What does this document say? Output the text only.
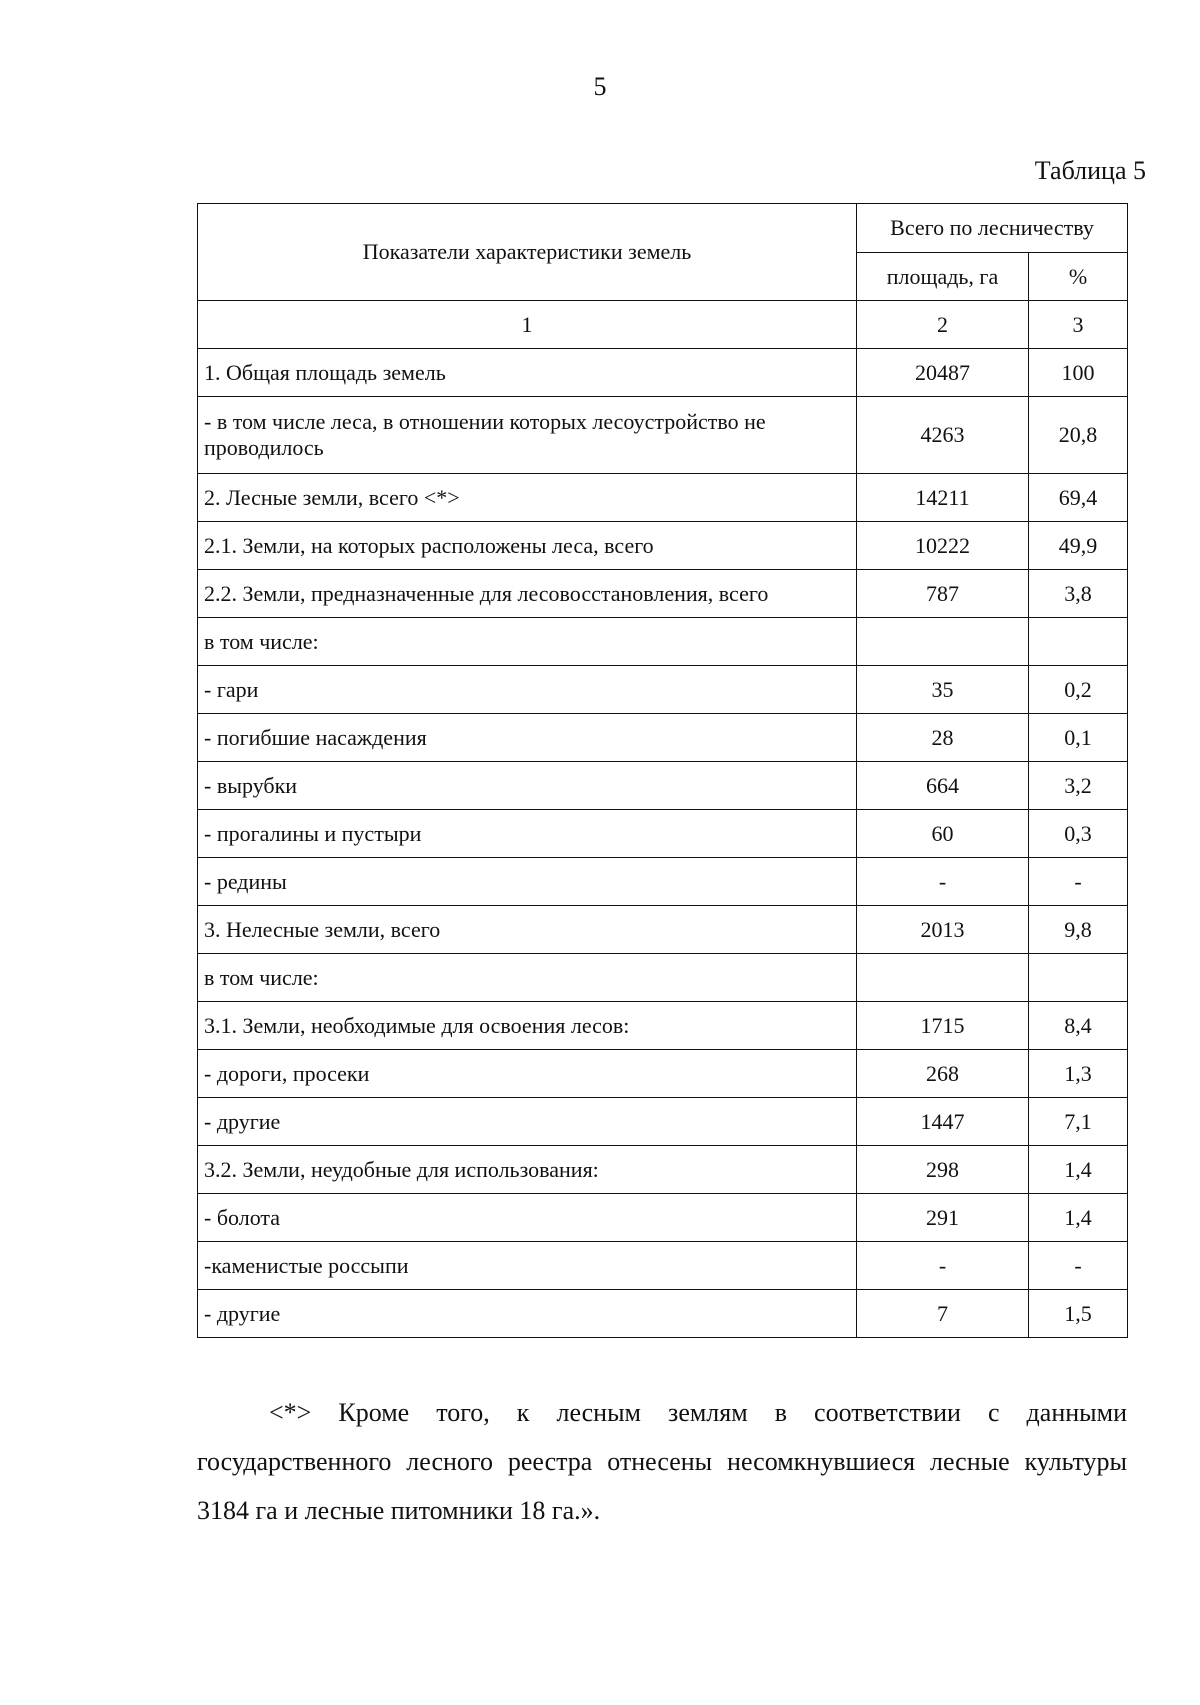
5
Таблица 5
Показатели характеристики земель	Всего по лесничеству	
	площадь, га	%
1	2	3
1. Общая площадь земель	20487	100
- в том числе леса, в отношении которых лесоустройство не проводилось	4263	20,8
2. Лесные земли, всего <*>	14211	69,4
2.1. Земли, на которых расположены леса, всего	10222	49,9
2.2. Земли, предназначенные для лесовосстановления, всего	787	3,8
в том числе:		
- гари	35	0,2
- погибшие насаждения	28	0,1
- вырубки	664	3,2
- прогалины и пустыри	60	0,3
- редины	-	-
3. Нелесные земли, всего	2013	9,8
в том числе:		
3.1. Земли, необходимые для освоения лесов:	1715	8,4
- дороги, просеки	268	1,3
- другие	1447	7,1
3.2. Земли, неудобные для использования:	298	1,4
- болота	291	1,4
-каменистые россыпи	-	-
- другие	7	1,5
<*> Кроме того, к лесным землям в соответствии с данными государственного лесного реестра отнесены несомкнувшиеся лесные культуры 3184 га и лесные питомники 18 га.».
